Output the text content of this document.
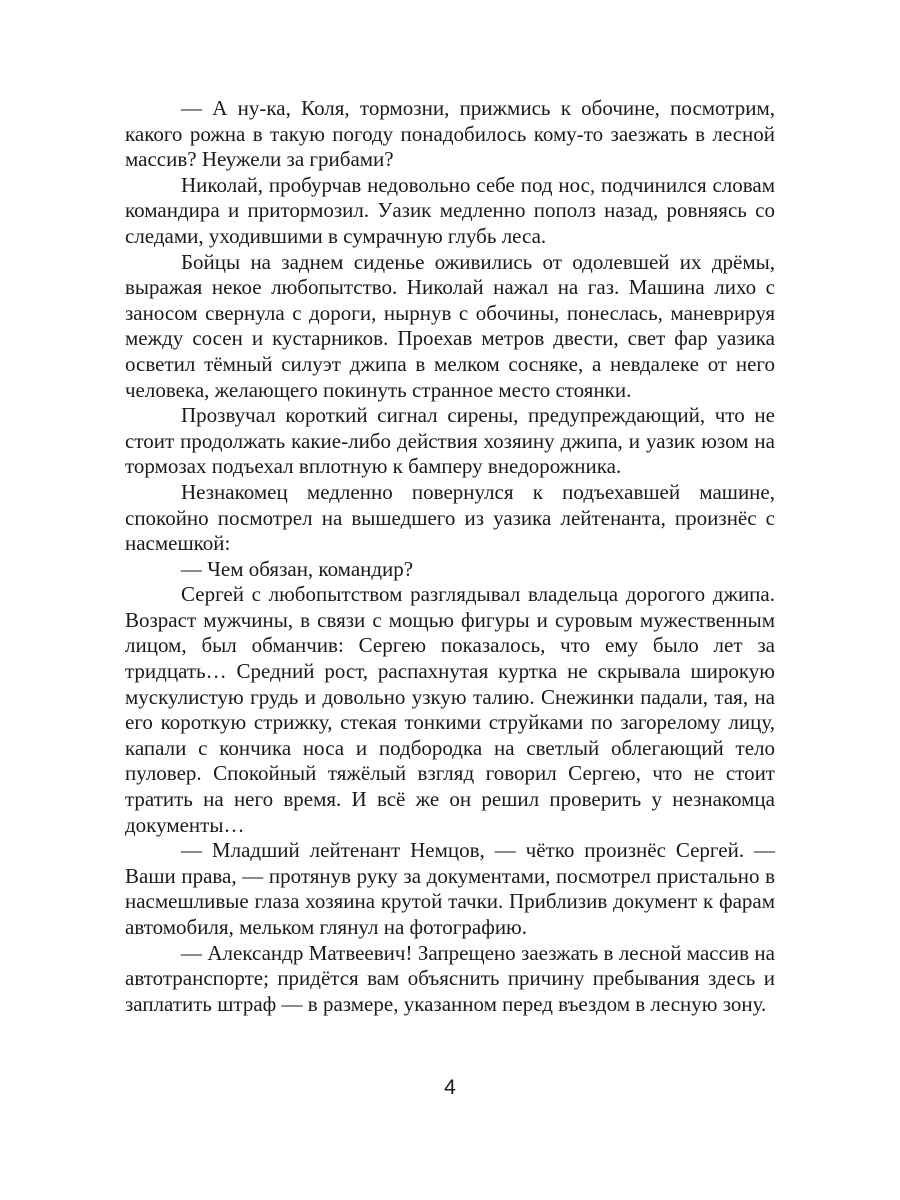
— А ну-ка, Коля, тормозни, прижмись к обочине, посмотрим, какого рожна в такую погоду понадобилось кому-то заезжать в лесной массив? Неужели за грибами?

Николай, пробурчав недовольно себе под нос, подчинился словам командира и притормозил. Уазик медленно пополз назад, ровняясь со следами, уходившими в сумрачную глубь леса.

Бойцы на заднем сиденье оживились от одолевшей их дрёмы, выражая некое любопытство. Николай нажал на газ. Машина лихо с заносом свернула с дороги, нырнув с обочины, понеслась, маневрируя между сосен и кустарников. Проехав метров двести, свет фар уазика осветил тёмный силуэт джипа в мелком сосняке, а невдалеке от него человека, желающего покинуть странное место стоянки.

Прозвучал короткий сигнал сирены, предупреждающий, что не стоит продолжать какие-либо действия хозяину джипа, и уазик юзом на тормозах подъехал вплотную к бамперу внедорожника.

Незнакомец медленно повернулся к подъехавшей машине, спокойно посмотрел на вышедшего из уазика лейтенанта, произнёс с насмешкой:

— Чем обязан, командир?

Сергей с любопытством разглядывал владельца дорогого джипа. Возраст мужчины, в связи с мощью фигуры и суровым мужественным лицом, был обманчив: Сергею показалось, что ему было лет за тридцать… Средний рост, распахнутая куртка не скрывала широкую мускулистую грудь и довольно узкую талию. Снежинки падали, тая, на его короткую стрижку, стекая тонкими струйками по загорелому лицу, капали с кончика носа и подбородка на светлый облегающий тело пуловер. Спокойный тяжёлый взгляд говорил Сергею, что не стоит тратить на него время. И всё же он решил проверить у незнакомца документы…

— Младший лейтенант Немцов, — чётко произнёс Сергей. — Ваши права, — протянув руку за документами, посмотрел пристально в насмешливые глаза хозяина крутой тачки. Приблизив документ к фарам автомобиля, мельком глянул на фотографию.

— Александр Матвеевич! Запрещено заезжать в лесной массив на автотранспорте; придётся вам объяснить причину пребывания здесь и заплатить штраф — в размере, указанном перед въездом в лесную зону.

4
